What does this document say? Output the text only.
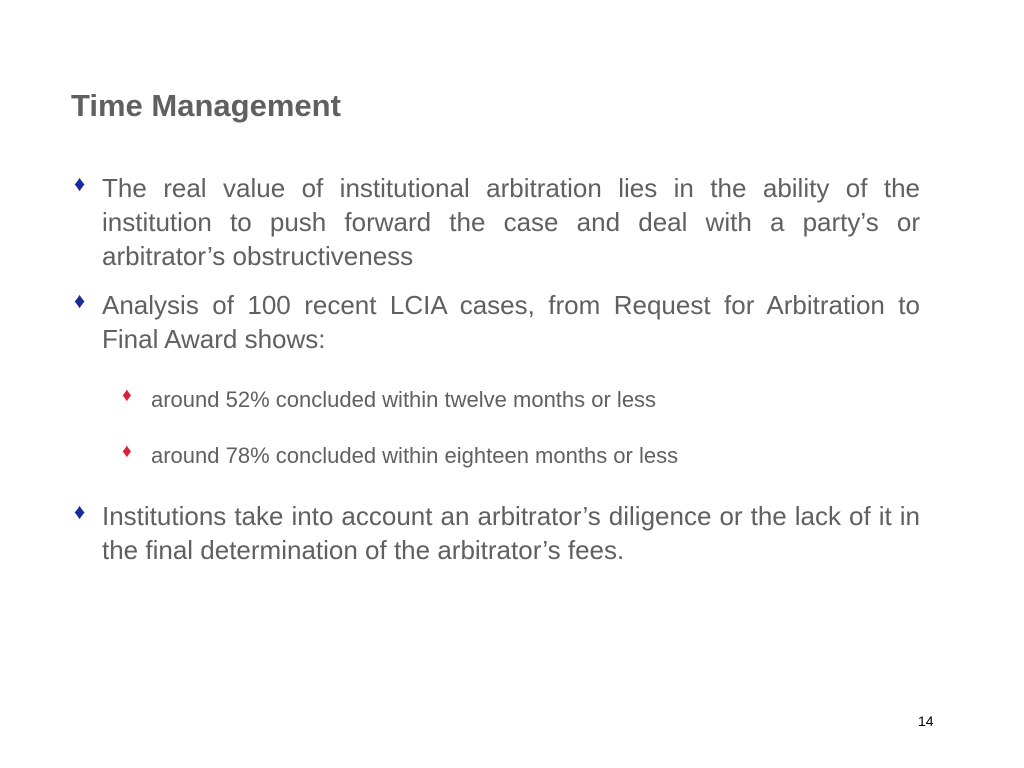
Time Management
♦ The real value of institutional arbitration lies in the ability of the institution to push forward the case and deal with a party’s or arbitrator’s obstructiveness
♦ Analysis of 100 recent LCIA cases, from Request for Arbitration to Final Award shows:
♦ around 52% concluded within twelve months or less
♦ around 78% concluded within eighteen months or less
♦ Institutions take into account an arbitrator’s diligence or the lack of it in the final determination of the arbitrator’s fees.
14
